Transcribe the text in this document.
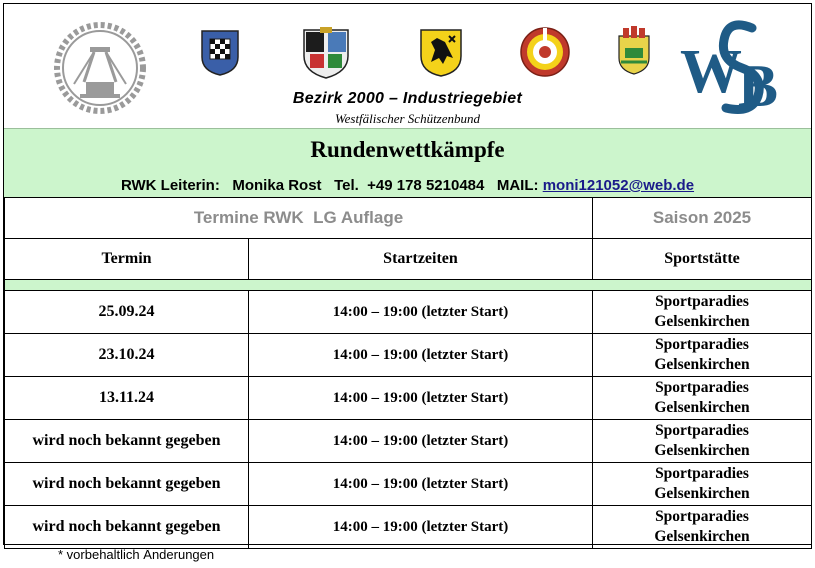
W
B
Bezirk 2000 – Industriegebiet
Westfälischer Schützenbund
Rundenwettkämpfe
RWK Leiterin: Monika Rost Tel. +49 178 5210484 MAIL: moni121052@web.de
Termine RWK  LG Auflage		Saison 2025
Termin	Startzeiten	Sportstätte

25.09.24	14:00 – 19:00 (letzter Start)	Sportparadies
Gelsenkirchen
23.10.24	14:00 – 19:00 (letzter Start)	Sportparadies
Gelsenkirchen
13.11.24	14:00 – 19:00 (letzter Start)	Sportparadies
Gelsenkirchen
wird noch bekannt gegeben	14:00 – 19:00 (letzter Start)	Sportparadies
Gelsenkirchen
wird noch bekannt gegeben	14:00 – 19:00 (letzter Start)	Sportparadies
Gelsenkirchen
wird noch bekannt gegeben	14:00 – 19:00 (letzter Start)	Sportparadies
Gelsenkirchen
* vorbehaltlich Änderungen
